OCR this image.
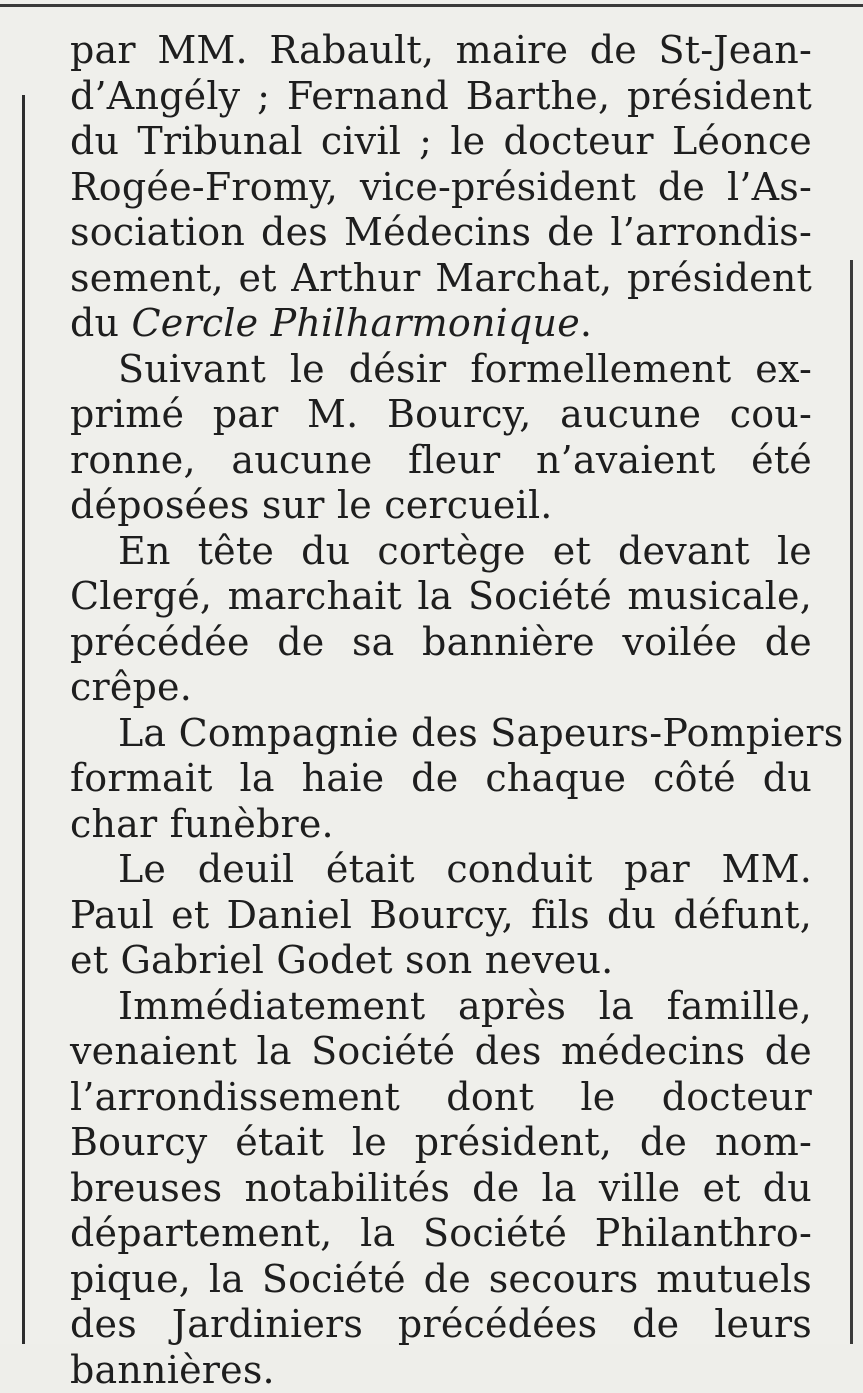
par MM. Rabault, maire de St-Jean-
d’Angély ; Fernand Barthe, président
du Tribunal civil ; le docteur Léonce
Rogée-Fromy, vice-président de l’As-
sociation des Médecins de l’arrondis-
sement, et Arthur Marchat, président
du Cercle Philharmonique.

Suivant le désir formellement ex-
primé par M. Bourcy, aucune cou-
ronne, aucune fleur n’avaient été
déposées sur le cercueil.

En tête du cortège et devant le
Clergé, marchait la Société musicale,
précédée de sa bannière voilée de
crêpe.

La Compagnie des Sapeurs-Pompiers
formait la haie de chaque côté du
char funèbre.

Le deuil était conduit par MM.
Paul et Daniel Bourcy, fils du défunt,
et Gabriel Godet son neveu.

Immédiatement après la famille,
venaient la Société des médecins de
l’arrondissement dont le docteur
Bourcy était le président, de nom-
breuses notabilités de la ville et du
département, la Société Philanthro-
pique, la Société de secours mutuels
des Jardiniers précédées de leurs
bannières.
